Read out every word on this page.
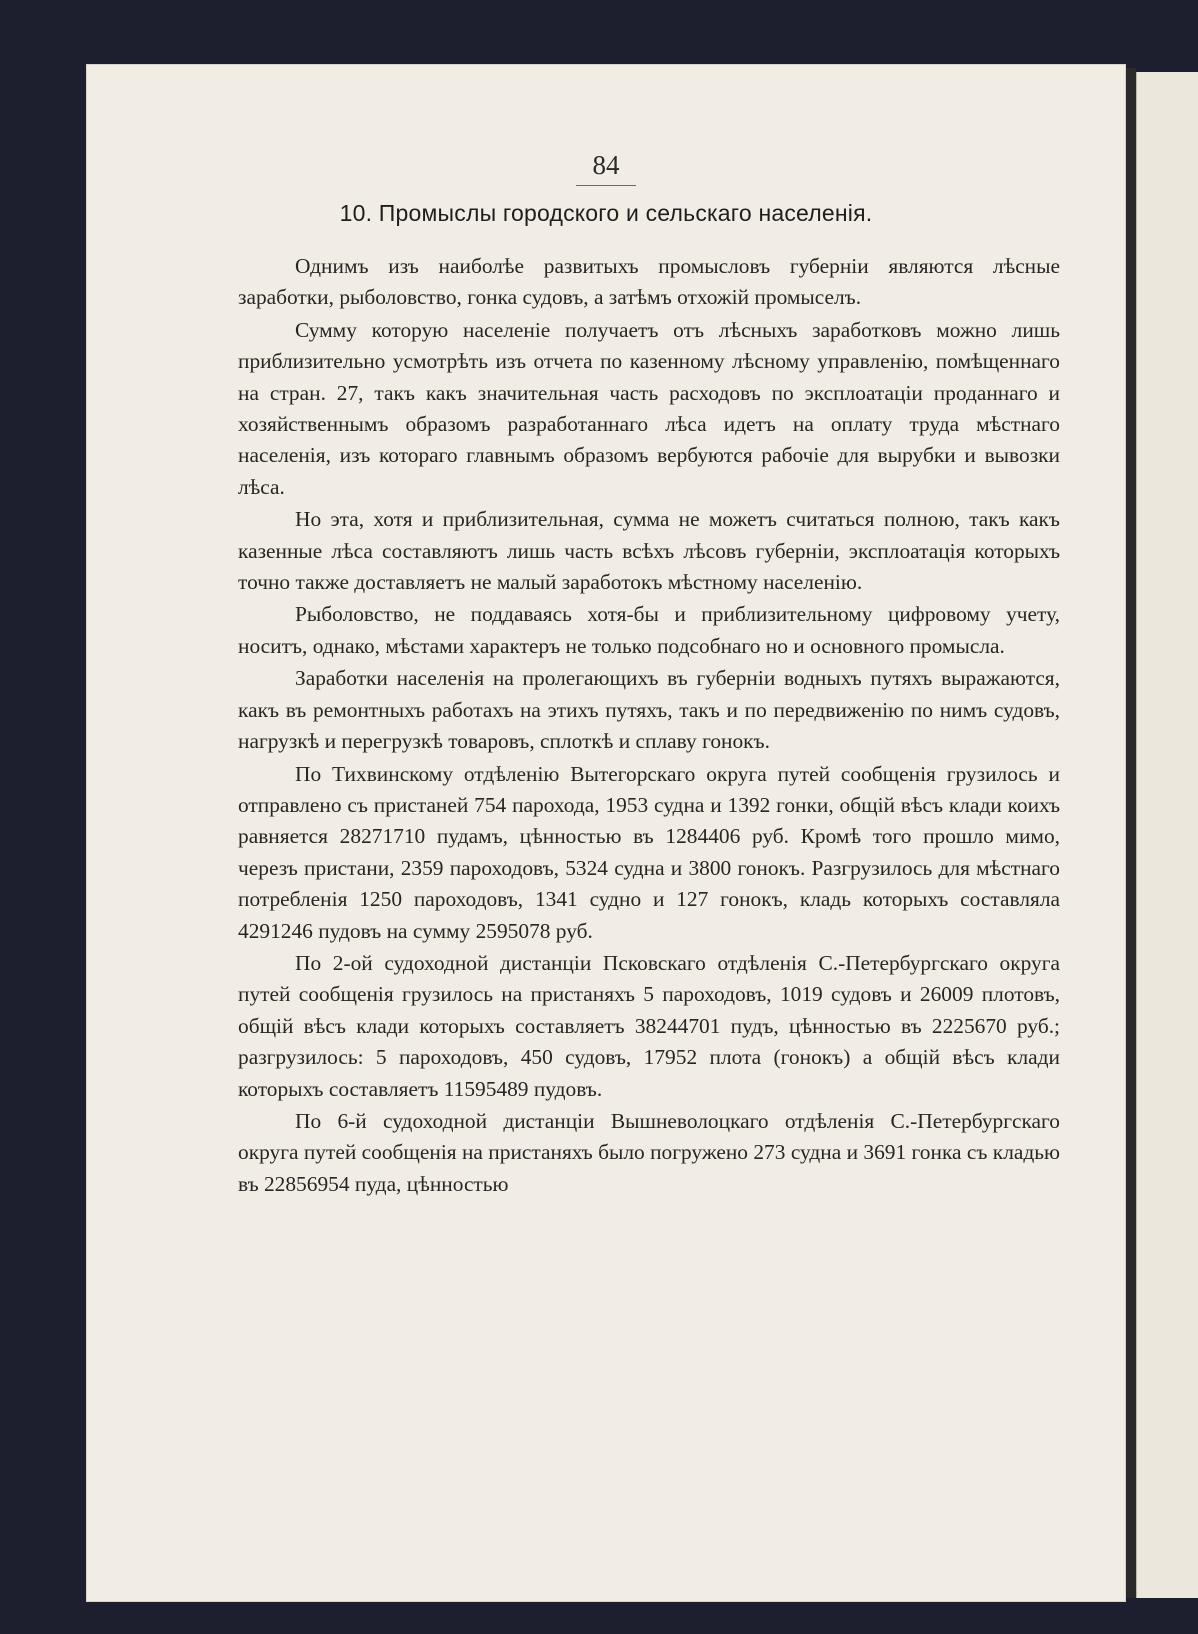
84
10. Промыслы городского и сельскаго населенія.

Однимъ изъ наиболѣе развитыхъ промысловъ губерніи являются лѣсные заработки, рыболовство, гонка судовъ, а затѣмъ отхожій промыселъ.

Сумму которую населеніе получаетъ отъ лѣсныхъ заработковъ можно лишь приблизительно усмотрѣть изъ отчета по казенному лѣсному управленію, помѣщеннаго на стран. 27, такъ какъ значительная часть расходовъ по эксплоатаціи проданнаго и хозяйственнымъ образомъ разработаннаго лѣса идетъ на оплату труда мѣстнаго населенія, изъ котораго главнымъ образомъ вербуются рабочіе для вырубки и вывозки лѣса.

Но эта, хотя и приблизительная, сумма не можетъ считаться полною, такъ какъ казенные лѣса составляютъ лишь часть всѣхъ лѣсовъ губерніи, эксплоатація которыхъ точно также доставляетъ не малый заработокъ мѣстному населенію.

Рыболовство, не поддаваясь хотя-бы и приблизительному цифровому учету, носитъ, однако, мѣстами характеръ не только подсобнаго но и основного промысла.

Заработки населенія на пролегающихъ въ губерніи водныхъ путяхъ выражаются, какъ въ ремонтныхъ работахъ на этихъ путяхъ, такъ и по передвиженію по нимъ судовъ, нагрузкѣ и перегрузкѣ товаровъ, сплоткѣ и сплаву гонокъ.

По Тихвинскому отдѣленію Вытегорскаго округа путей сообщенія грузилось и отправлено съ пристаней 754 парохода, 1953 судна и 1392 гонки, общій вѣсъ клади коихъ равняется 28271710 пудамъ, цѣнностью въ 1284406 руб. Кромѣ того прошло мимо, черезъ пристани, 2359 пароходовъ, 5324 судна и 3800 гонокъ. Разгрузилось для мѣстнаго потребленія 1250 пароходовъ, 1341 судно и 127 гонокъ, кладь которыхъ составляла 4291246 пудовъ на сумму 2595078 руб.

По 2-ой судоходной дистанціи Псковскаго отдѣленія С.-Петербургскаго округа путей сообщенія грузилось на пристаняхъ 5 пароходовъ, 1019 судовъ и 26009 плотовъ, общій вѣсъ клади которыхъ составляетъ 38244701 пудъ, цѣнностью въ 2225670 руб.; разгрузилось: 5 пароходовъ, 450 судовъ, 17952 плота (гонокъ) а общій вѣсъ клади которыхъ составляетъ 11595489 пудовъ.

По 6-й судоходной дистанціи Вышневолоцкаго отдѣленія С.-Петербургскаго округа путей сообщенія на пристаняхъ было погружено 273 судна и 3691 гонка съ кладью въ 22856954 пуда, цѣнностью
